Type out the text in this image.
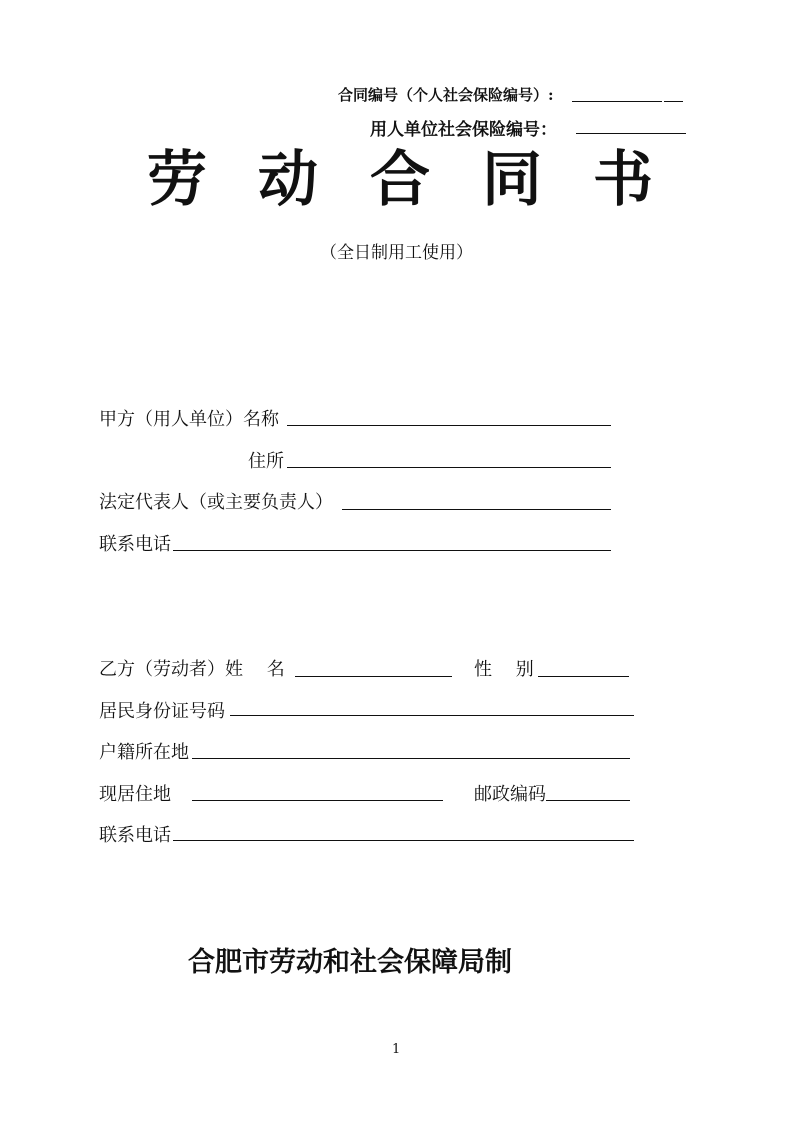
合同编号（个人社会保险编号）:
用人单位社会保险编号：
劳 动 合 同 书
（全日制用工使用）
甲方（用人单位）名称
住所
法定代表人（或主要负责人）
联系电话
乙方（劳动者）姓　 名	性　 别
居民身份证号码
户籍所在地
现居住地	邮政编码
联系电话
合肥市劳动和社会保障局制
1
